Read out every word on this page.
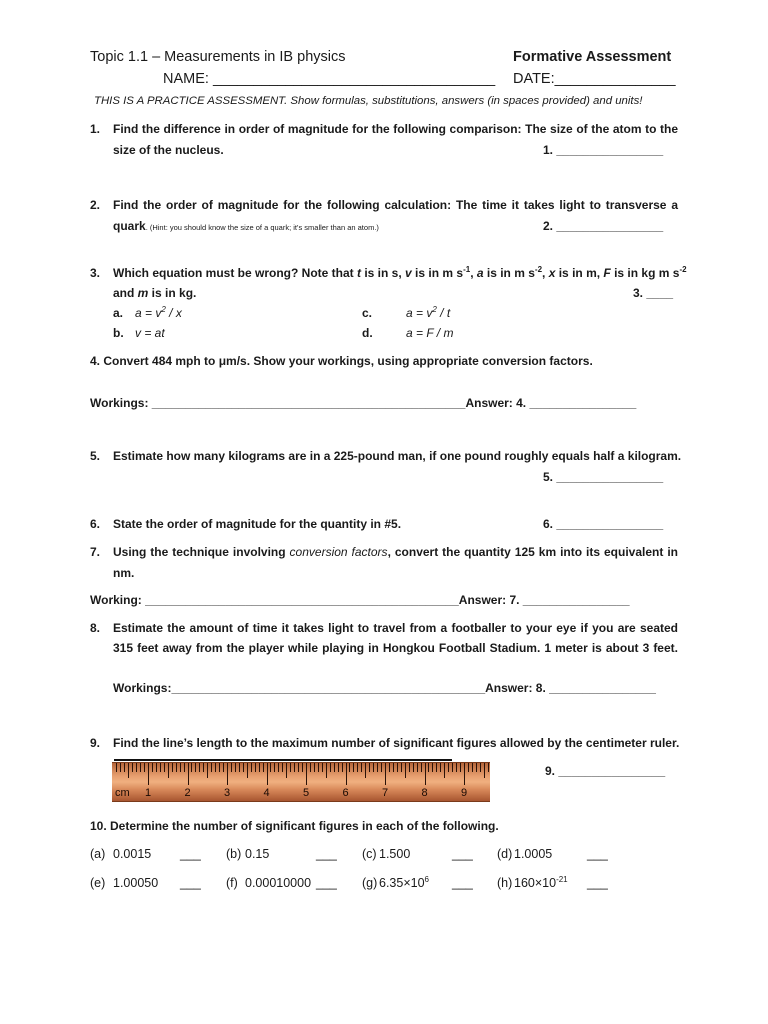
Topic 1.1 – Measurements in IB physics	Formative Assessment
NAME: ___________________________________ DATE:_______________
THIS IS A PRACTICE ASSESSMENT. Show formulas, substitutions, answers (in spaces provided) and units!
1. Find the difference in order of magnitude for the following comparison: The size of the atom to the
size of the nucleus.	1. ________________
2. Find the order of magnitude for the following calculation: The time it takes light to transverse a
quark. (Hint: you should know the size of a quark; it's smaller than an atom.)	2. ________________
3. Which equation must be wrong? Note that t is in s, v is in m $s^{-1}$, a is in m $s^{-2}$, x is in m, F is in kg m $s^{-2}$
and m is in kg.	3. ____
a. $a = v^2 / x$	c.	$a = v^2 / t$
b. v = at	d.	a = F / m
4. Convert 484 mph to μm/s. Show your workings, using appropriate conversion factors.
Workings: _______________________________________________Answer: 4. ________________
5. Estimate how many kilograms are in a 225-pound man, if one pound roughly equals half a kilogram.
5. ________________
6. State the order of magnitude for the quantity in #5.	6. ________________
7. Using the technique involving conversion factors, convert the quantity 125 km into its equivalent in
nm.
Working: _______________________________________________Answer: 7. ________________
8. Estimate the amount of time it takes light to travel from a footballer to your eye if you are seated
315 feet away from the player while playing in Hongkou Football Stadium. 1 meter is about 3 feet.
Workings:_______________________________________________Answer: 8. ________________
9. Find the line’s length to the maximum number of significant figures allowed by the centimeter ruler.
cm 1	2	3	4	5	6	7	8	9
9. ________________
10. Determine the number of significant figures in each of the following.
(a) 0.0015 ___ (b) 0.15	___ (c) 1.500	___ (d) 1.0005	___
(e) 1.00050 ___ (f) 0.00010000 ___ (g) $6.35\times 10^6$ ___ (h) $160\times 10^{-21}$ ___
